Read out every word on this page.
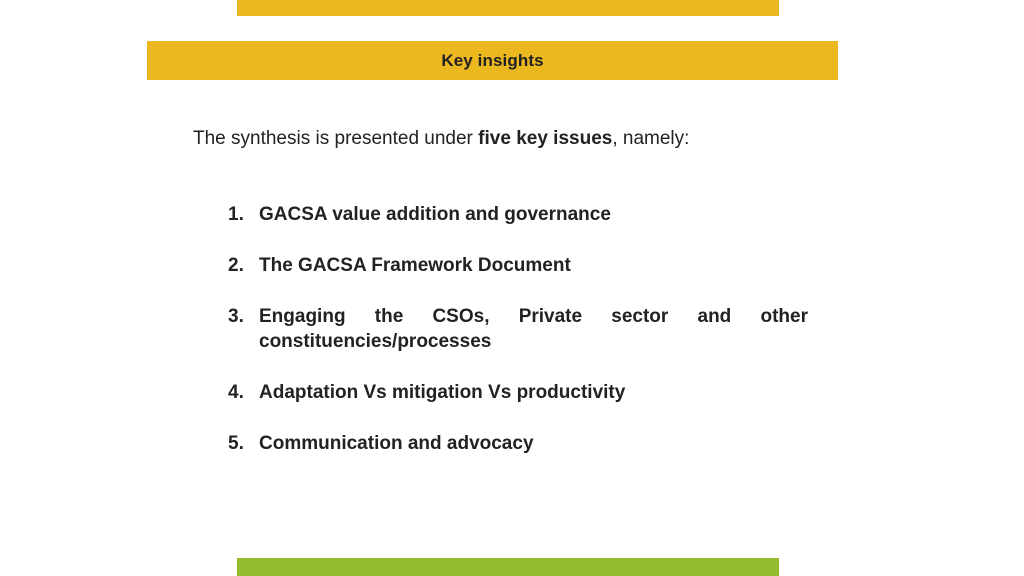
Key insights
The synthesis is presented under five key issues, namely:
1. GACSA value addition and governance
2. The GACSA Framework Document
3. Engaging the CSOs, Private sector and other constituencies/processes
4. Adaptation Vs mitigation Vs productivity
5. Communication and advocacy
